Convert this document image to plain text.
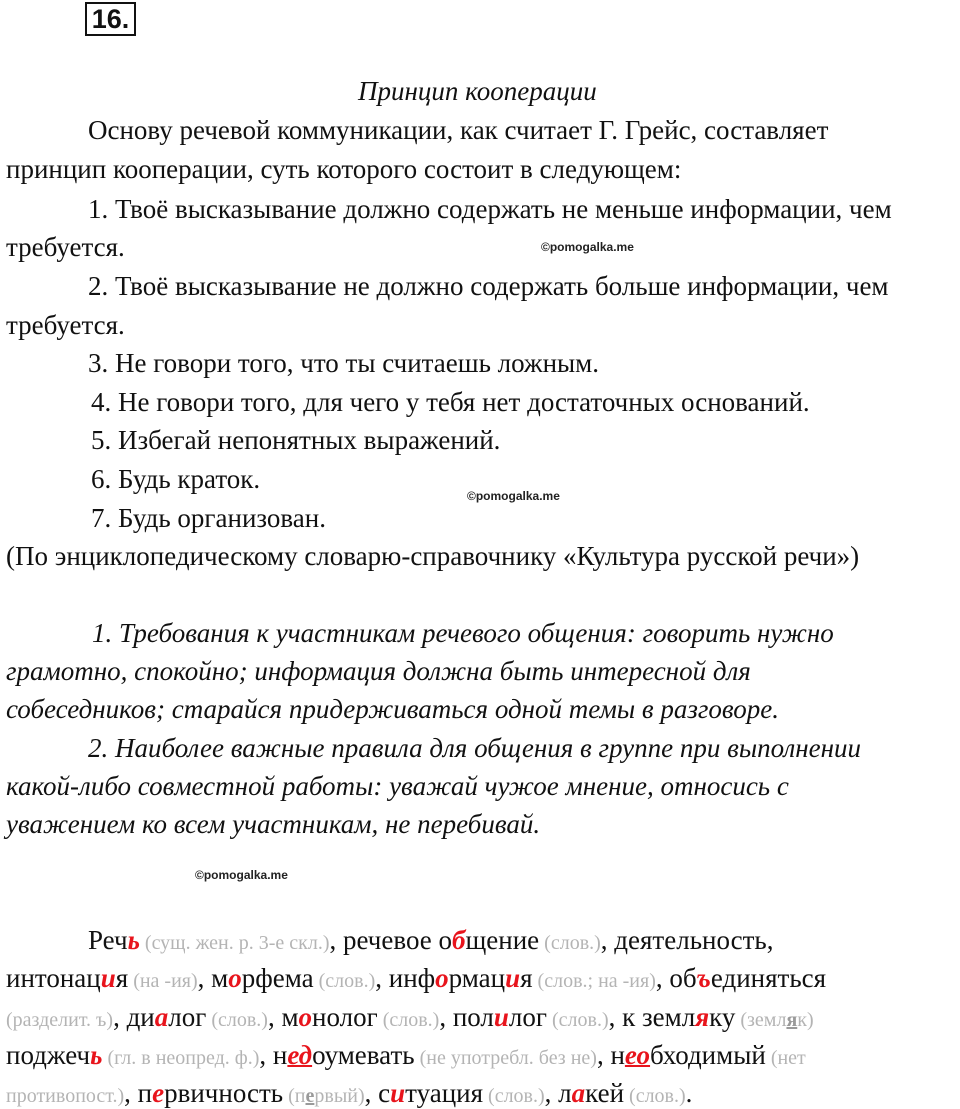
16.
Принцип кооперации
Основу речевой коммуникации, как считает Г. Грейс, составляет
принцип кооперации, суть которого состоит в следующем:
1. Твоё высказывание должно содержать не меньше информации, чем
требуется.	©pomogalka.me
2. Твоё высказывание не должно содержать больше информации, чем
требуется.
3. Не говори того, что ты считаешь ложным.
4. Не говори того, для чего у тебя нет достаточных оснований.
5. Избегай непонятных выражений.
6. Будь краток.
©pomogalka.me
7. Будь организован.
(По энциклопедическому словарю-справочнику «Культура русской речи»)
1. Требования к участникам речевого общения: говорить нужно
грамотно, спокойно; информация должна быть интересной для
собеседников; старайся придерживаться одной темы в разговоре.
2. Наиболее важные правила для общения в группе при выполнении
какой-либо совместной работы: уважай чужое мнение, относись с
уважением ко всем участникам, не перебивай.
©pomogalka.me
Речь (сущ. жен. р. 3-е скл.), речевое общение (слов.), деятельность,
интонация (на -ия), морфема (слов.), информация (слов.; на -ия), объединяться
(разделит. ъ), диалог (слов.), монолог (слов.), полилог (слов.), к земляку (земляк)
поджечь (гл. в неопред. ф.), недоумевать (не употребл. без не), необходимый (нет
противопост.), первичность (первый), ситуация (слов.), лакей (слов.).
